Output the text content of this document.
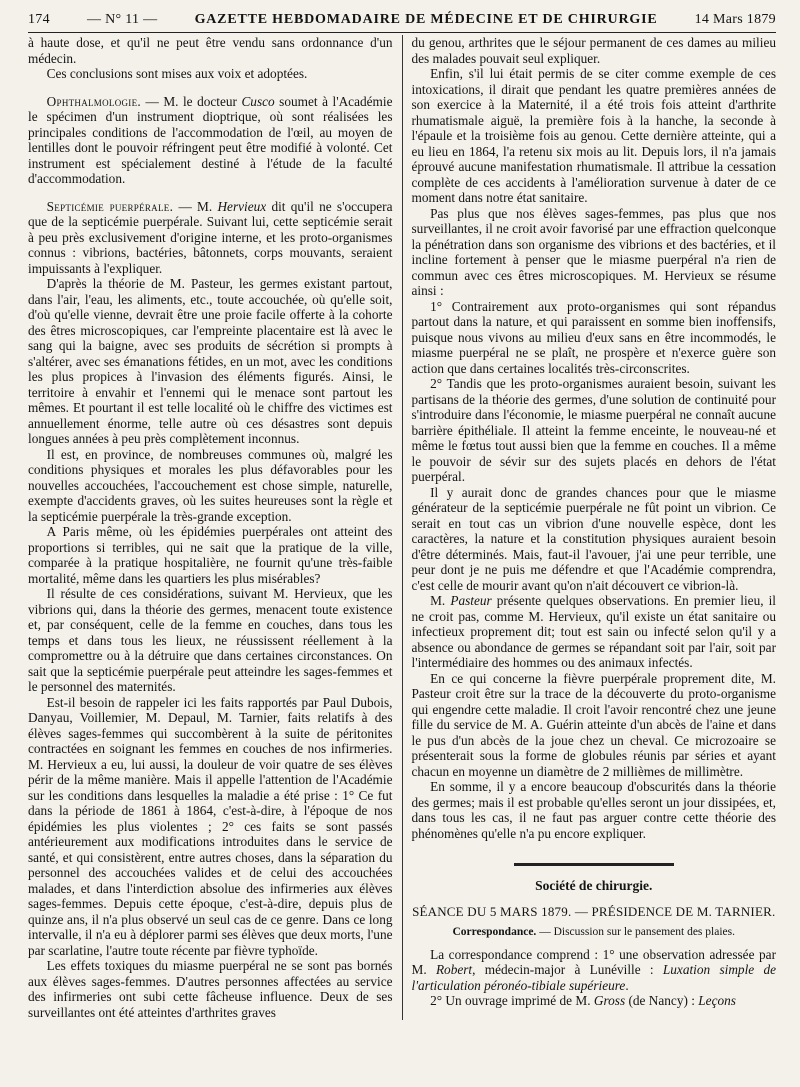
174	— N° 11 —	GAZETTE HEBDOMADAIRE DE MÉDECINE ET DE CHIRURGIE	14 Mars 1879

à haute dose, et qu'il ne peut être vendu sans ordonnance d'un médecin.

Ces conclusions sont mises aux voix et adoptées.

Ophthalmologie. — M. le docteur Cusco soumet à l'Académie le spécimen d'un instrument dioptrique, où sont réalisées les principales conditions de l'accommodation de l'œil, au moyen de lentilles dont le pouvoir réfringent peut être modifié à volonté. Cet instrument est spécialement destiné à l'étude de la faculté d'accommodation.

Septicémie puerpérale. — M. Hervieux dit qu'il ne s'occupera que de la septicémie puerpérale. Suivant lui, cette septicémie serait à peu près exclusivement d'origine interne, et les proto-organismes connus : vibrions, bactéries, bâtonnets, corps mouvants, seraient impuissants à l'expliquer.

D'après la théorie de M. Pasteur, les germes existant partout, dans l'air, l'eau, les aliments, etc., toute accouchée, où qu'elle soit, d'où qu'elle vienne, devrait être une proie facile offerte à la cohorte des êtres microscopiques, car l'empreinte placentaire est là avec le sang qui la baigne, avec ses produits de sécrétion si prompts à s'altérer, avec ses émanations fétides, en un mot, avec les conditions les plus propices à l'invasion des éléments figurés. Ainsi, le territoire à envahir et l'ennemi qui le menace sont partout les mêmes. Et pourtant il est telle localité où le chiffre des victimes est annuellement énorme, telle autre où ces désastres sont depuis longues années à peu près complètement inconnus.

Il est, en province, de nombreuses communes où, malgré les conditions physiques et morales les plus défavorables pour les nouvelles accouchées, l'accouchement est chose simple, naturelle, exempte d'accidents graves, où les suites heureuses sont la règle et la septicémie puerpérale la très-grande exception.

A Paris même, où les épidémies puerpérales ont atteint des proportions si terribles, qui ne sait que la pratique de la ville, comparée à la pratique hospitalière, ne fournit qu'une très-faible mortalité, même dans les quartiers les plus misérables?

Il résulte de ces considérations, suivant M. Hervieux, que les vibrions qui, dans la théorie des germes, menacent toute existence et, par conséquent, celle de la femme en couches, dans tous les temps et dans tous les lieux, ne réussissent réellement à la compromettre ou à la détruire que dans certaines circonstances. On sait que la septicémie puerpérale peut atteindre les sages-femmes et le personnel des maternités.

Est-il besoin de rappeler ici les faits rapportés par Paul Dubois, Danyau, Voillemier, M. Depaul, M. Tarnier, faits relatifs à des élèves sages-femmes qui succombèrent à la suite de péritonites contractées en soignant les femmes en couches de nos infirmeries. M. Hervieux a eu, lui aussi, la douleur de voir quatre de ses élèves périr de la même manière. Mais il appelle l'attention de l'Académie sur les conditions dans lesquelles la maladie a été prise : 1° Ce fut dans la période de 1861 à 1864, c'est-à-dire, à l'époque de nos épidémies les plus violentes ; 2° ces faits se sont passés antérieurement aux modifications introduites dans le service de santé, et qui consistèrent, entre autres choses, dans la séparation du personnel des accouchées valides et de celui des accouchées malades, et dans l'interdiction absolue des infirmeries aux élèves sages-femmes. Depuis cette époque, c'est-à-dire, depuis plus de quinze ans, il n'a plus observé un seul cas de ce genre. Dans ce long intervalle, il n'a eu à déplorer parmi ses élèves que deux morts, l'une par scarlatine, l'autre toute récente par fièvre typhoïde.

Les effets toxiques du miasme puerpéral ne se sont pas bornés aux élèves sages-femmes. D'autres personnes affectées au service des infirmeries ont subi cette fâcheuse influence. Deux de ses surveillantes ont été atteintes d'arthrites graves

du genou, arthrites que le séjour permanent de ces dames au milieu des malades pouvait seul expliquer.

Enfin, s'il lui était permis de se citer comme exemple de ces intoxications, il dirait que pendant les quatre premières années de son exercice à la Maternité, il a été trois fois atteint d'arthrite rhumatismale aiguë, la première fois à la hanche, la seconde à l'épaule et la troisième fois au genou. Cette dernière atteinte, qui a eu lieu en 1864, l'a retenu six mois au lit. Depuis lors, il n'a jamais éprouvé aucune manifestation rhumatismale. Il attribue la cessation complète de ces accidents à l'amélioration survenue à dater de ce moment dans notre état sanitaire.

Pas plus que nos élèves sages-femmes, pas plus que nos surveillantes, il ne croit avoir favorisé par une effraction quelconque la pénétration dans son organisme des vibrions et des bactéries, et il incline fortement à penser que le miasme puerpéral n'a rien de commun avec ces êtres microscopiques. M. Hervieux se résume ainsi :

1° Contrairement aux proto-organismes qui sont répandus partout dans la nature, et qui paraissent en somme bien inoffensifs, puisque nous vivons au milieu d'eux sans en être incommodés, le miasme puerpéral ne se plaît, ne prospère et n'exerce guère son action que dans certaines localités très-circonscrites.

2° Tandis que les proto-organismes auraient besoin, suivant les partisans de la théorie des germes, d'une solution de continuité pour s'introduire dans l'économie, le miasme puerpéral ne connaît aucune barrière épithéliale. Il atteint la femme enceinte, le nouveau-né et même le fœtus tout aussi bien que la femme en couches. Il a même le pouvoir de sévir sur des sujets placés en dehors de l'état puerpéral.

Il y aurait donc de grandes chances pour que le miasme générateur de la septicémie puerpérale ne fût point un vibrion. Ce serait en tout cas un vibrion d'une nouvelle espèce, dont les caractères, la nature et la constitution physiques auraient besoin d'être déterminés. Mais, faut-il l'avouer, j'ai une peur terrible, une peur dont je ne puis me défendre et que l'Académie comprendra, c'est celle de mourir avant qu'on n'ait découvert ce vibrion-là.

M. Pasteur présente quelques observations. En premier lieu, il ne croit pas, comme M. Hervieux, qu'il existe un état sanitaire ou infectieux proprement dit; tout est sain ou infecté selon qu'il y a absence ou abondance de germes se répandant soit par l'air, soit par l'intermédiaire des hommes ou des animaux infectés.

En ce qui concerne la fièvre puerpérale proprement dite, M. Pasteur croit être sur la trace de la découverte du proto-organisme qui engendre cette maladie. Il croit l'avoir rencontré chez une jeune fille du service de M. A. Guérin atteinte d'un abcès de l'aine et dans le pus d'un abcès de la joue chez un cheval. Ce microzoaire se présenterait sous la forme de globules réunis par séries et ayant chacun en moyenne un diamètre de 2 millièmes de millimètre.

En somme, il y a encore beaucoup d'obscurités dans la théorie des germes; mais il est probable qu'elles seront un jour dissipées, et, dans tous les cas, il ne faut pas arguer contre cette théorie des phénomènes qu'elle n'a pu encore expliquer.

Société de chirurgie.
SÉANCE DU 5 MARS 1879. — PRÉSIDENCE DE M. TARNIER.
Correspondance. — Discussion sur le pansement des plaies.

La correspondance comprend : 1° une observation adressée par M. Robert, médecin-major à Lunéville : Luxation simple de l'articulation péronéo-tibiale supérieure.

2° Un ouvrage imprimé de M. Gross (de Nancy) : Leçons
